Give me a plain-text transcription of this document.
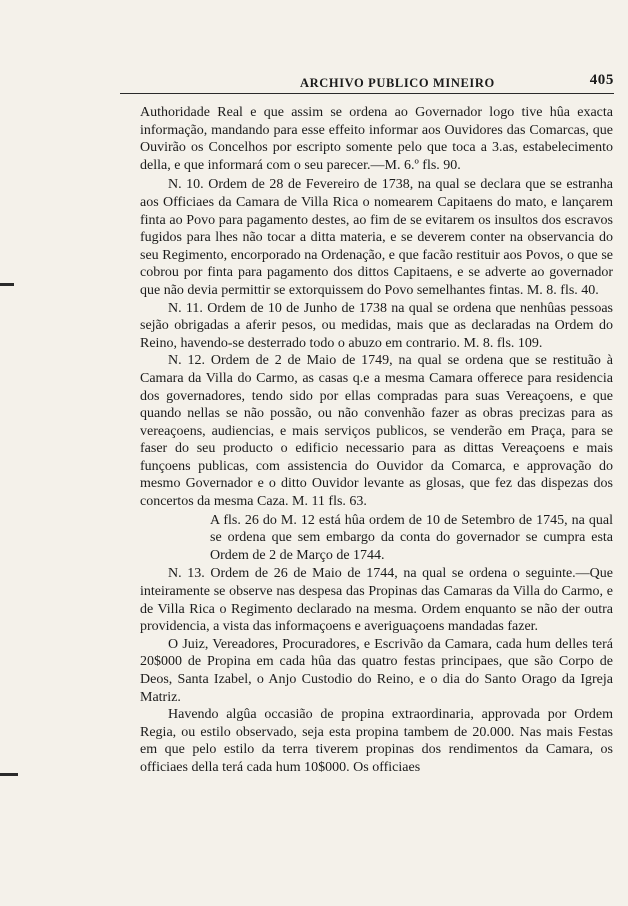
ARCHIVO PUBLICO MINEIRO	405

Authoridade Real e que assim se ordena ao Governador logo tive hûa exacta informação, mandando para esse effeito informar aos Ouvidores das Comarcas, que Ouvirão os Concelhos por escripto somente pelo que toca a 3.as, estabelecimento della, e que informará com o seu parecer.—M. 6.º fls. 90.

N. 10. Ordem de 28 de Fevereiro de 1738, na qual se declara que se estranha aos Officiaes da Camara de Villa Rica o nomearem Capitaens do mato, e lançarem finta ao Povo para pagamento destes, ao fim de se evitarem os insultos dos escravos fugidos para lhes não tocar a ditta materia, e se deverem conter na observancia do seu Regimento, encorporado na Ordenação, e que facão restituir aos Povos, o que se cobrou por finta para pagamento dos dittos Capitaens, e se adverte ao governador que não devia permittir se extorquissem do Povo semelhantes fintas. M. 8. fls. 40.

N. 11. Ordem de 10 de Junho de 1738 na qual se ordena que nenhûas pessoas sejão obrigadas a aferir pesos, ou medidas, mais que as declaradas na Ordem do Reino, havendo-se desterrado todo o abuzo em contrario. M. 8. fls. 109.

N. 12. Ordem de 2 de Maio de 1749, na qual se ordena que se restituão à Camara da Villa do Carmo, as casas q.e a mesma Camara offerece para residencia dos governadores, tendo sido por ellas compradas para suas Vereaçoens, e que quando nellas se não possão, ou não convenhão fazer as obras precizas para as vereaçoens, audiencias, e mais serviços publicos, se venderão em Praça, para se faser do seu producto o edificio necessario para as dittas Vereaçoens e mais funçoens publicas, com assistencia do Ouvidor da Comarca, e approvação do mesmo Governador e o ditto Ouvidor levante as glosas, que fez das dispezas dos concertos da mesma Caza. M. 11 fls. 63.

A fls. 26 do M. 12 está hûa ordem de 10 de Setembro de 1745, na qual se ordena que sem embargo da conta do governador se cumpra esta Ordem de 2 de Março de 1744.

N. 13. Ordem de 26 de Maio de 1744, na qual se ordena o seguinte.—Que inteiramente se observe nas despesa das Propinas das Camaras da Villa do Carmo, e de Villa Rica o Regimento declarado na mesma. Ordem enquanto se não der outra providencia, a vista das informaçoens e averiguaçoens mandadas fazer.

O Juiz, Vereadores, Procuradores, e Escrivão da Camara, cada hum delles terá 20$000 de Propina em cada hûa das quatro festas principaes, que são Corpo de Deos, Santa Izabel, o Anjo Custodio do Reino, e o dia do Santo Orago da Igreja Matriz.

Havendo algûa occasião de propina extraordinaria, approvada por Ordem Regia, ou estilo observado, seja esta propina tambem de 20.000. Nas mais Festas em que pelo estilo da terra tiverem propinas dos rendimentos da Camara, os officiaes della terá cada hum 10$000. Os officiaes
